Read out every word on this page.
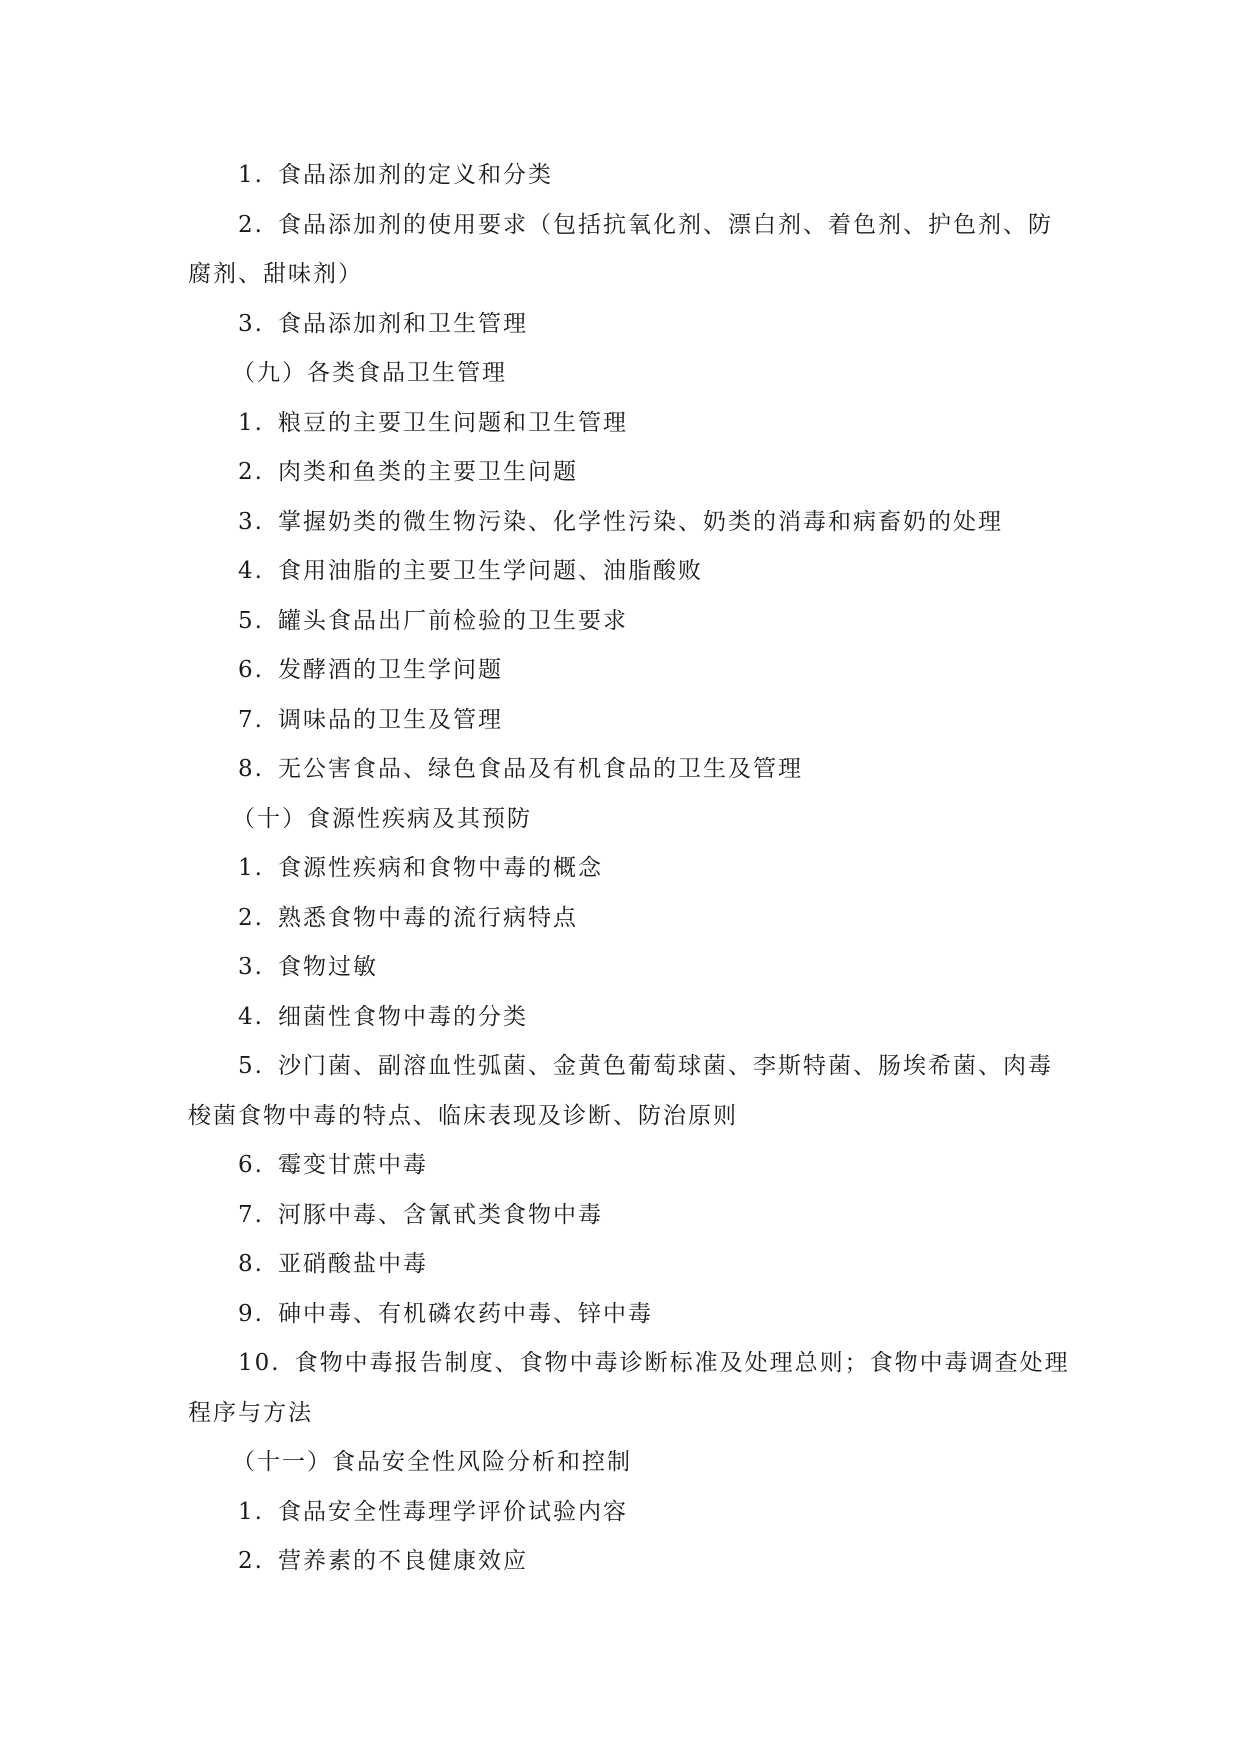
1. 食品添加剂的定义和分类
2. 食品添加剂的使用要求（包括抗氧化剂、漂白剂、着色剂、护色剂、防
腐剂、甜味剂）
3. 食品添加剂和卫生管理
（九）各类食品卫生管理
1. 粮豆的主要卫生问题和卫生管理
2. 肉类和鱼类的主要卫生问题
3. 掌握奶类的微生物污染、化学性污染、奶类的消毒和病畜奶的处理
4. 食用油脂的主要卫生学问题、油脂酸败
5. 罐头食品出厂前检验的卫生要求
6. 发酵酒的卫生学问题
7. 调味品的卫生及管理
8. 无公害食品、绿色食品及有机食品的卫生及管理
（十）食源性疾病及其预防
1. 食源性疾病和食物中毒的概念
2. 熟悉食物中毒的流行病特点
3. 食物过敏
4. 细菌性食物中毒的分类
5. 沙门菌、副溶血性弧菌、金黄色葡萄球菌、李斯特菌、肠埃希菌、肉毒
梭菌食物中毒的特点、临床表现及诊断、防治原则
6. 霉变甘蔗中毒
7. 河豚中毒、含氰甙类食物中毒
8. 亚硝酸盐中毒
9. 砷中毒、有机磷农药中毒、锌中毒
10. 食物中毒报告制度、食物中毒诊断标准及处理总则；食物中毒调查处理
程序与方法
（十一）食品安全性风险分析和控制
1. 食品安全性毒理学评价试验内容
2. 营养素的不良健康效应
